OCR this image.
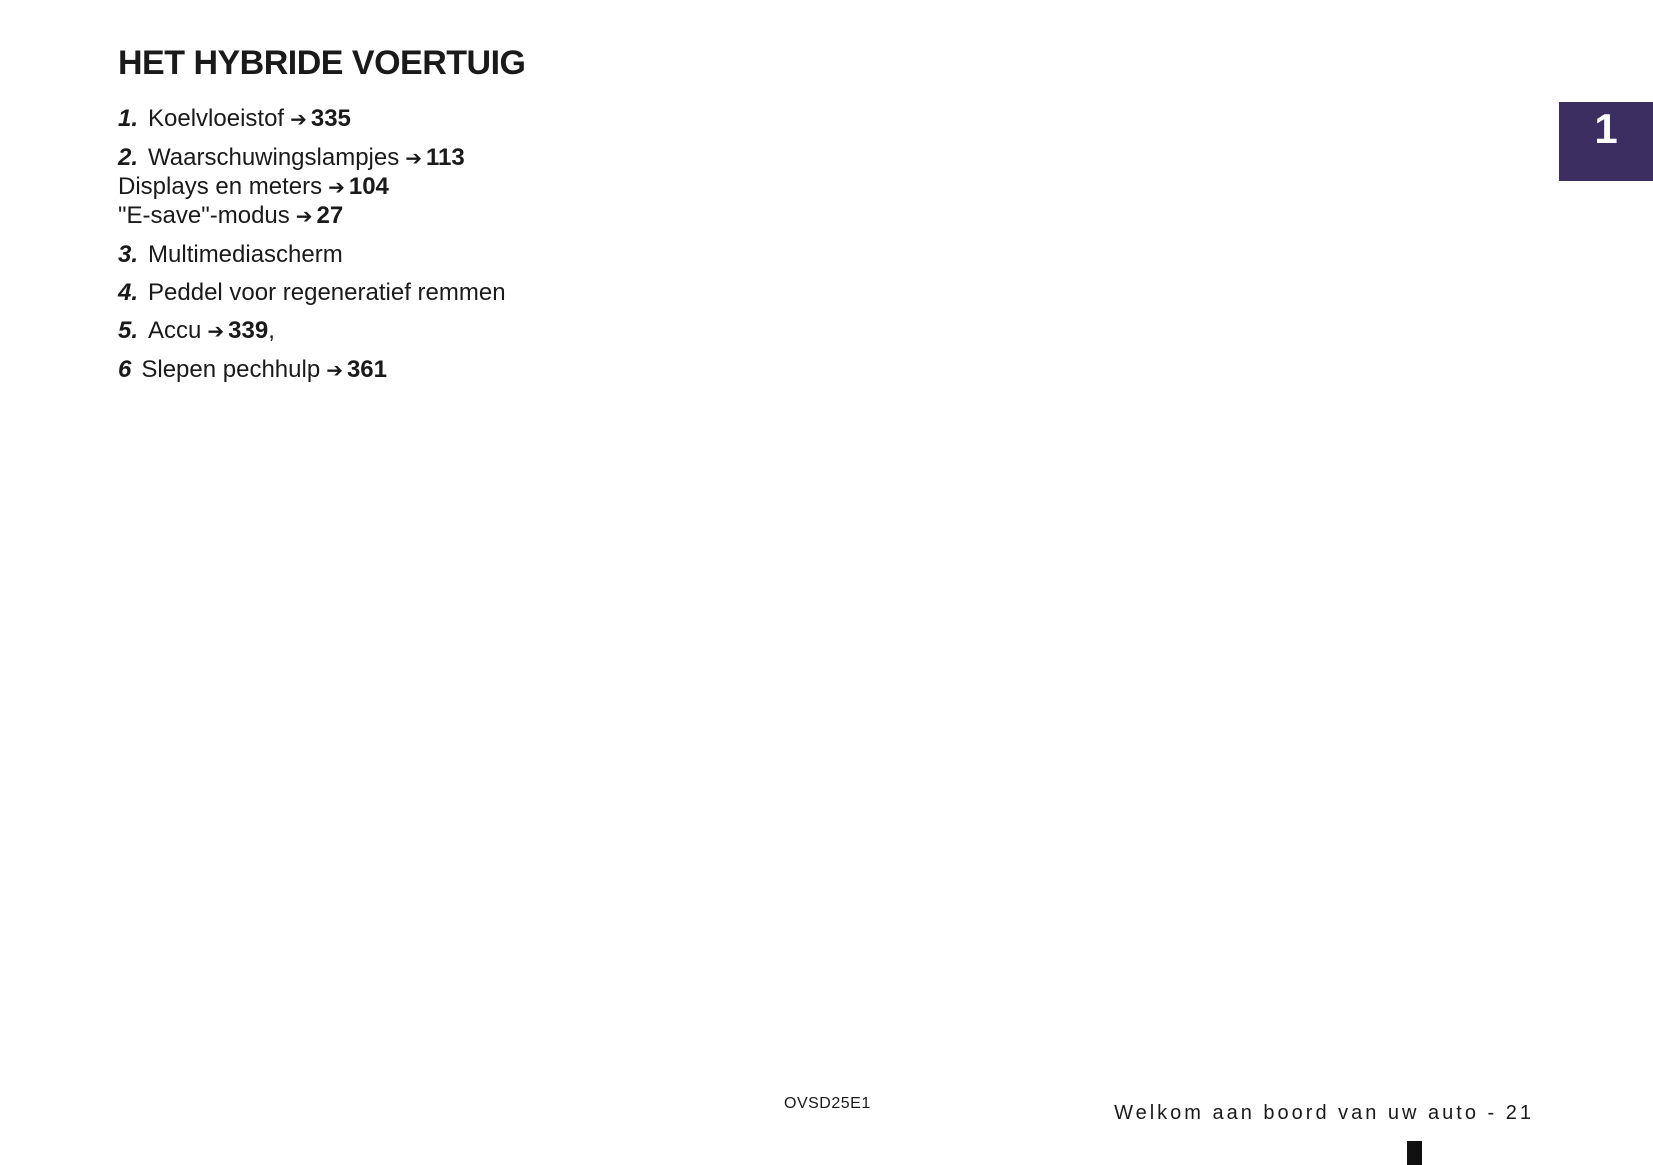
HET HYBRIDE VOERTUIG
1
1. Koelvloeistof ➔ 335
2. Waarschuwingslampjes ➔ 113
Displays en meters ➔ 104
"E-save"-modus ➔ 27
3. Multimediascherm
4. Peddel voor regeneratief remmen
5. Accu ➔ 339,
6 Slepen pechhulp ➔ 361
OVSD25E1	Welkom aan boord van uw auto - 21
